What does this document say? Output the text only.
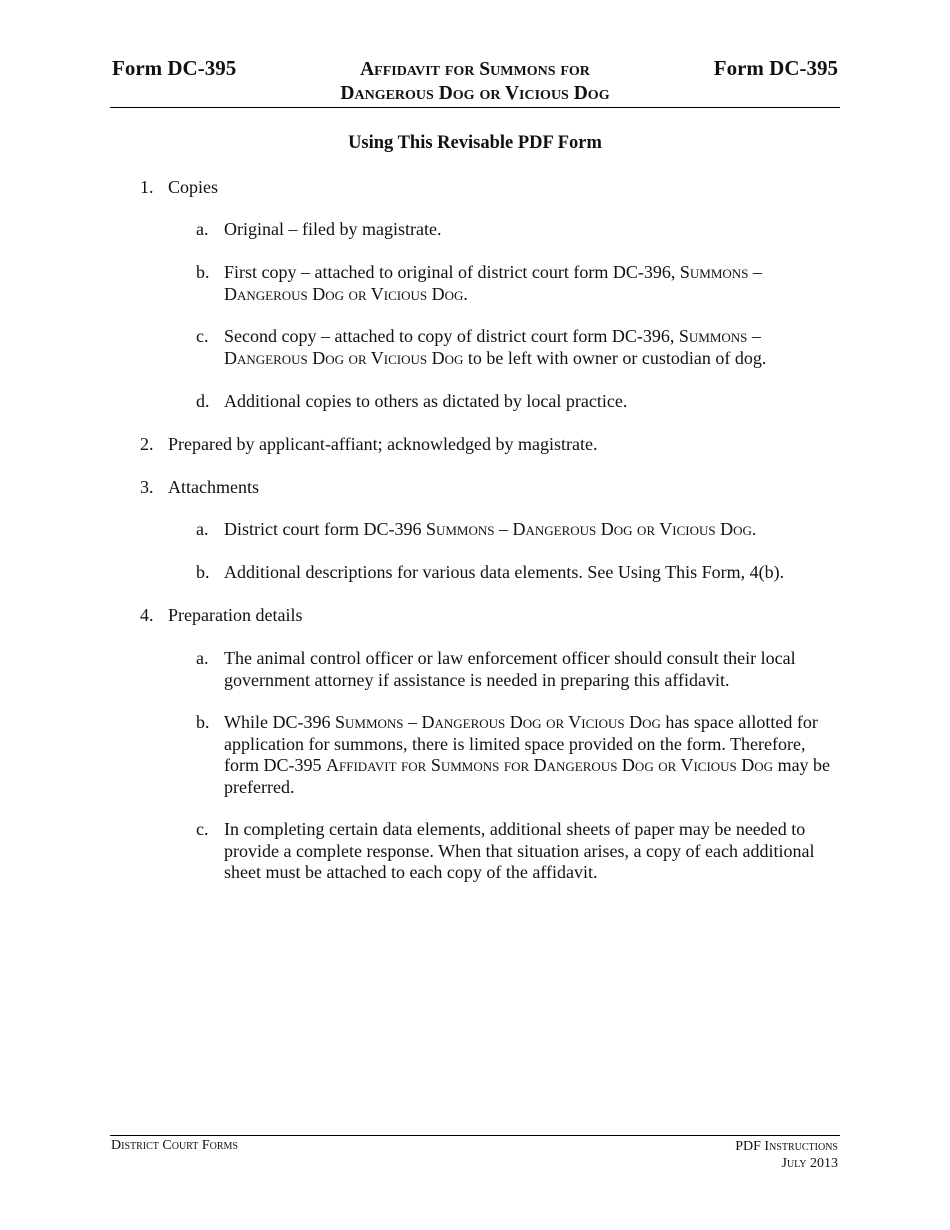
Form DC-395	Affidavit for Summons for
Dangerous Dog or Vicious Dog
Form DC-395
Using This Revisable PDF Form
1. Copies
a. Original – filed by magistrate.
b. First copy – attached to original of district court form DC-396, Summons – Dangerous Dog or Vicious Dog.
c. Second copy – attached to copy of district court form DC-396, Summons – Dangerous Dog or Vicious Dog to be left with owner or custodian of dog.
d. Additional copies to others as dictated by local practice.
2. Prepared by applicant-affiant; acknowledged by magistrate.
3. Attachments
a. District court form DC-396 Summons – Dangerous Dog or Vicious Dog.
b. Additional descriptions for various data elements. See Using This Form, 4(b).
4. Preparation details
a. The animal control officer or law enforcement officer should consult their local government attorney if assistance is needed in preparing this affidavit.
b. While DC-396 Summons – Dangerous Dog or Vicious Dog has space allotted for application for summons, there is limited space provided on the form. Therefore, form DC-395 Affidavit for Summons for Dangerous Dog or Vicious Dog may be preferred.
c. In completing certain data elements, additional sheets of paper may be needed to provide a complete response. When that situation arises, a copy of each additional sheet must be attached to each copy of the affidavit.
District Court Forms	PDF Instructions
July 2013
